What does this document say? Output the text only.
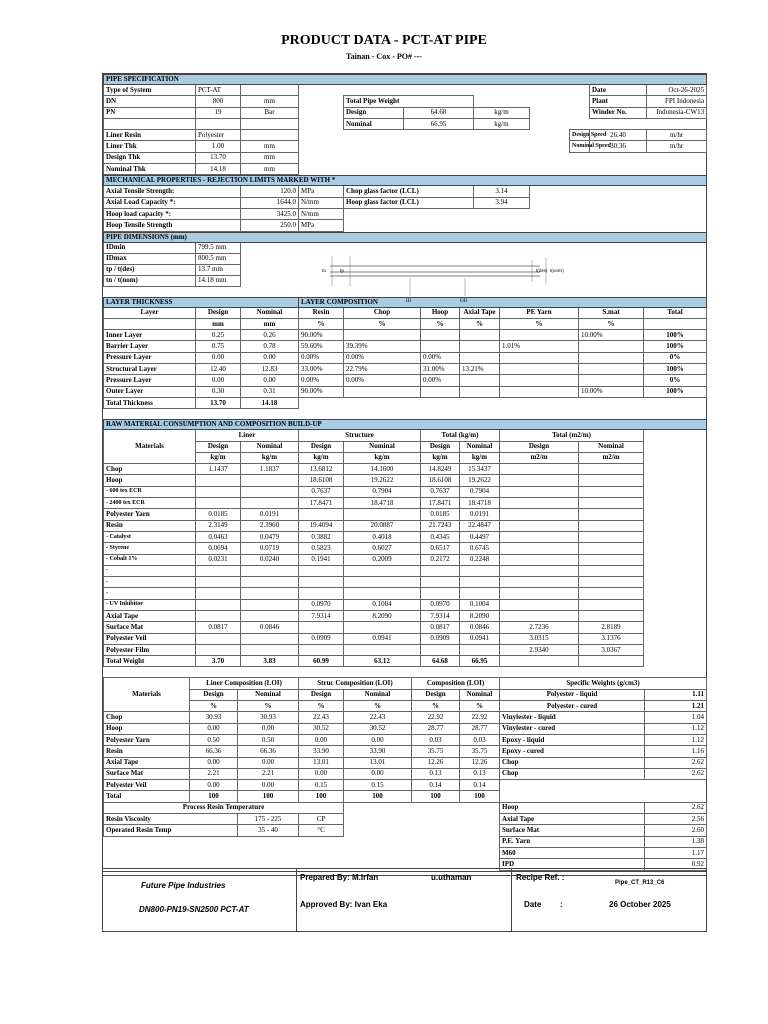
PRODUCT DATA - PCT-AT PIPE
Tainan - Cox - PO# ---
PIPE SPECIFICATION										
Type of System	PCT-AT								Date	Oct-26-2025
DN	800	mm		Total Pipe Weight					Plant	FPI Indonesia
PN	19	Bar		Design	64.68	kg/m			Winder No.	Indonesia-CW13
				Nominal	66.95	kg/m				
Liner Resin	Polyester							Design Speed	26.40	m/hr
Liner Thk	1.00	mm						Nominal Speed	30.36	m/hr
Design Thk	13.70	mm								
Nominal Thk	14.18	mm								
MECHANICAL PROPERTIES - REJECTION LIMITS MARKED WITH *					
Axial Tensile Strength:	120.0	MPa	Chop glass factor (LCL)	3.14	
Axial Load Capacity *:	1644.0	N/mm	Hoop glass factor (LCL)	3.94	
Hoop load capacity *:	3425.0	N/mm			
Hoop Tensile Strength	250.0	MPa			
PIPE DIMENSIONS (mm)		
IDmin	799.5 mm	
IDmax	800.5 mm	
tp / t(des)	13.7 mm	
tn / t(nom)	14.18 mm	

LAYER THICKNESS			LAYER COMPOSITION						
Layer	Design	Nominal	Resin	Chop	Hoop	Axial Tape	PE Yarn	S.mat	Total
	mm	mm	%	%	%	%	%	%	
Inner Layer	0.25	0.26	90.00%					10.00%	100%
Barrier Layer	0.75	0.78	59.60%	39.39%			1.01%		100%
Pressure Layer	0.00	0.00	0.00%	0.00%	0.00%				0%
Structural Layer	12.40	12.83	33.00%	22.79%	31.00%	13.21%			100%
Pressure Layer	0.00	0.00	0.00%	0.00%	0.00%				0%
Outer Layer	0.30	0.31	90.00%					10.00%	100%
Total Thickness	13.70	14.18							
RAW MATERIAL CONSUMPTION AND COMPOSITION BUILD-UP									
Materials	Liner		Structure		Total (kg/m)		Total (m2/m)		
	Design	Nominal	Design	Nominal	Design	Nominal	Design	Nominal	
	kg/m	kg/m	kg/m	kg/m	kg/m	kg/m	m2/m	m2/m	
Chop	1.1437	1.1837	13.6812	14.1600	14.8249	15.3437			
Hoop			18.6108	19.2622	18.6108	19.2622			
- 600 tex ECR			0.7637	0.7904	0.7637	0.7904			
- 2400 tex ECR			17.8471	18.4718	17.8471	18.4718			
Polyester Yarn	0.0185	0.0191			0.0185	0.0191			
Resin	2.3149	2.3960	19.4094	20.0887	21.7243	22.4847			
- Catalyst	0.0463	0.0479	0.3882	0.4018	0.4345	0.4497			
- Styrene	0.0694	0.0719	0.5823	0.6027	0.6517	0.6745			
- Cobalt 1%	0.0231	0.0240	0.1941	0.2009	0.2172	0.2248			
-									
-									
-									
- UV Inhibitor			0.0970	0.1004	0.0970	0.1004			
Axial Tape			7.9314	8.2090	7.9314	8.2090			
Surface Mat	0.0817	0.0846			0.0817	0.0846	2.7236	2.8189	
Polyester Veil			0.0909	0.0941	0.0909	0.0941	3.0315	3.1376	
Polyester Film							2.9340	3.0367	
Total Weight	3.70	3.83	60.99	63.12	64.68	66.95			
Materials	Liner Composition (LOI)		Struc Composition (LOI)		Composition (LOI)		Specific Weights (g/cm3)	
	Design	Nominal	Design	Nominal	Design	Nominal	Polyester - liquid	1.11
	%	%	%	%	%	%	Polyester - cured	1.21
Chop	30.93	30.93	22.43	22.43	22.92	22.92	Vinylester - liquid	1.04
Hoop	0.00	0.00	30.52	30.52	28.77	28.77	Vinylester - cured	1.12
Polyester Yarn	0.50	0.50	0.00	0.00	0.03	0.03	Epoxy - liquid	1.12
Resin	66.36	66.36	33.90	33.90	35.75	35.75	Epoxy - cured	1.16
Axial Tape	0.00	0.00	13.01	13.01	12.26	12.26	Chop	2.62
Surface Mat	2.21	2.21	0.00	0.00	0.13	0.13	Chop	2.62
Polyester Veil	0.00	0.00	0.15	0.15	0.14	0.14		
Total	100	100	100	100	100	100		
Process Resin Temperature							Hoop	2.62
Resin Viscosity		175 - 225	CP				Axial Tape	2.56
Operated Resin Temp		35 - 40	°C				Surface Mat	2.60
							P.E. Yarn	1.38
							M60	1.17
							IPD	0.92
tn	tp	t(des) t(nom)
ID	OD
Future Pipe Industries
DN800-PN19-SN2500 PCT-AT
Prepared By: M.Irfan	u.uthaman
Approved By: Ivan Eka
Recipe Ref. :
Pipe_CT_R13_C6
Date :	26 October 2025
